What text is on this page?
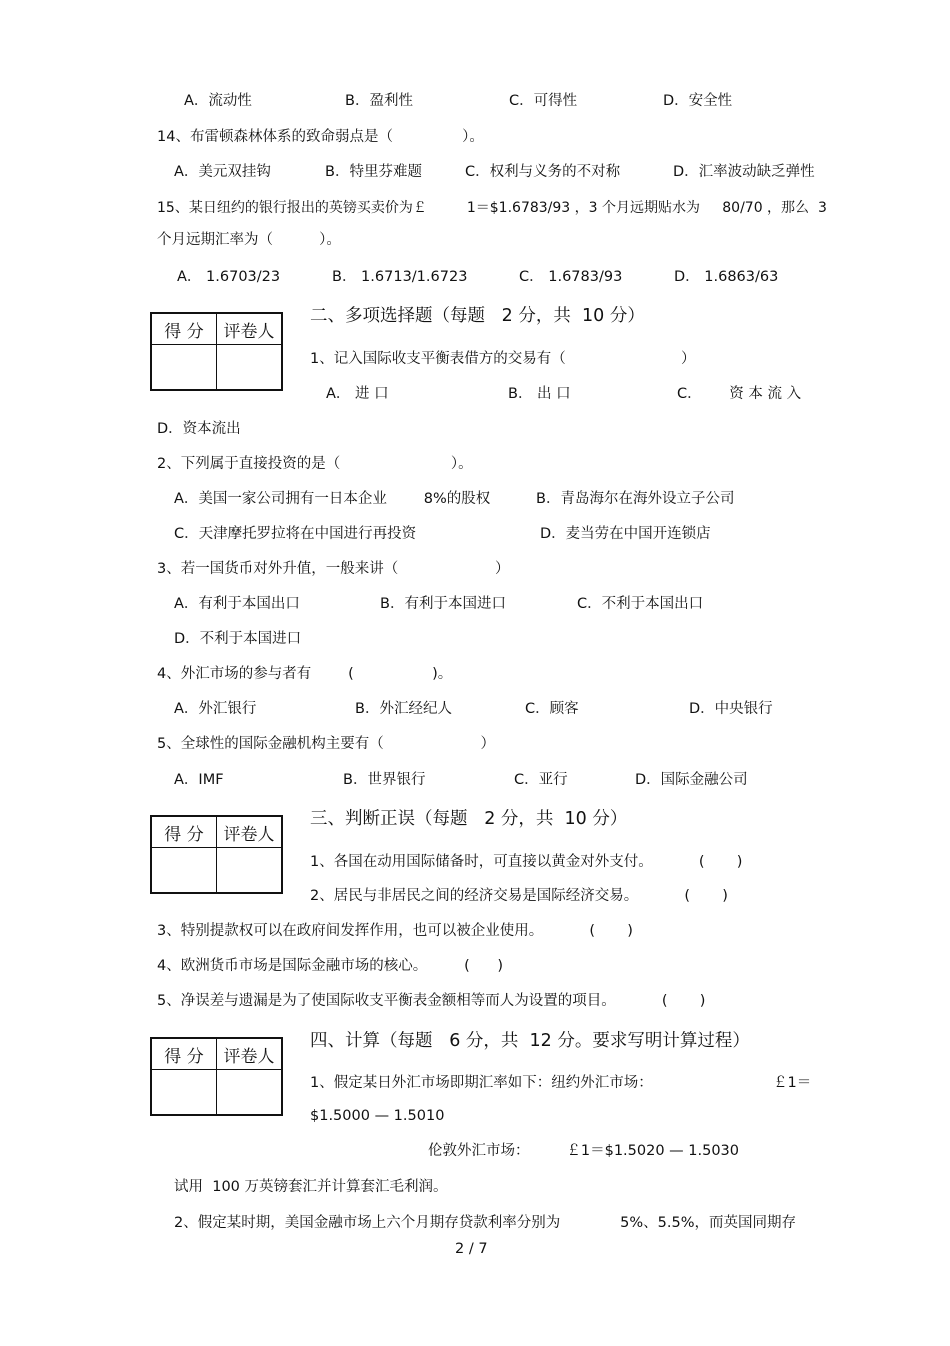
A．流动性	B．盈利性	C．可得性	D．安全性
14、布雷顿森林体系的致命弱点是（               ）。
A．美元双挂钩	B．特里芬难题	C．权利与义务的不对称	D．汇率波动缺乏弹性
15、某日纽约的银行报出的英镑买卖价为￡         1＝$1.6783/93 ，3 个月远期贴水为     80/70 ，那么  3
个月远期汇率为（          ）。
A． 1.6703/23	B． 1.6713/1.6723	C． 1.6783/93	D． 1.6863/63
得 分	评卷人

二、多项选择题（每题   2 分，共  10 分）
1、记入国际收支平衡表借方的交易有（                         ）
A． 进 口	B． 出 口	C．      资 本 流 入
D．资本流出
2、下列属于直接投资的是（                        ）。
A．美国一家公司拥有一日本企业        8%的股权	B．青岛海尔在海外设立子公司
C．天津摩托罗拉将在中国进行再投资	D．麦当劳在中国开连锁店
3、若一国货币对外升值，一般来讲（                     ）
A．有利于本国出口	B．有利于本国进口	C．不利于本国出口
D．不利于本国进口
4、外汇市场的参与者有        (                 )。
A．外汇银行	B．外汇经纪人	C．顾客	D．中央银行
5、全球性的国际金融机构主要有（                     ）
A．IMF	B．世界银行	C．亚行	D．国际金融公司
得 分	评卷人

三、判断正误（每题   2 分，共  10 分）
1、各国在动用国际储备时，可直接以黄金对外支付。          (       )
2、居民与非居民之间的经济交易是国际经济交易。          (       )
3、特别提款权可以在政府间发挥作用，也可以被企业使用。          (       )
4、欧洲货币市场是国际金融市场的核心。        (      )
5、净误差与遗漏是为了使国际收支平衡表金额相等而人为设置的项目。          (       )
得 分	评卷人

四、计算（每题   6 分，共  12 分。要求写明计算过程）
1、假定某日外汇市场即期汇率如下：纽约外汇市场：	￡1＝
$1.5000 — 1.5010
伦敦外汇市场：        ￡1＝$1.5020 — 1.5030
试用  100 万英镑套汇并计算套汇毛利润。
2、假定某时期，美国金融市场上六个月期存贷款利率分别为             5%、5.5%，而英国同期存
2 / 7
